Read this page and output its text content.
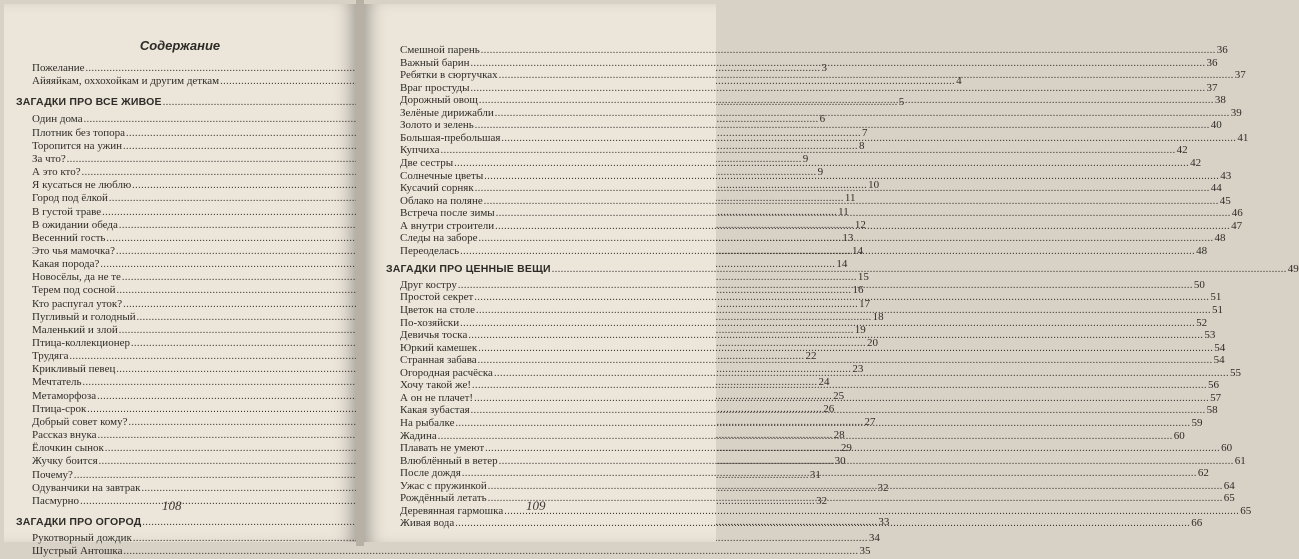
Содержание
108
Пожелание .....	3
Айяяйкам, оххохойкам и другим деткам .....	4
ЗАГАДКИ ПРО ВСЕ ЖИВОЕ .....	5
Один дома .....	6
Плотник без топора .....	7
Торопится на ужин .....	8
За что? .....	9
А это кто? .....	9
Я кусаться не люблю .....	10
Город под ёлкой .....	11
В густой траве .....	11
В ожидании обеда .....	12
Весенний гость .....	13
Это чья мамочка? .....	14
Какая порода? .....	14
Новосёлы, да не те .....	15
Терем под сосной .....	16
Кто распугал уток? .....	17
Пугливый и голодный .....	18
Маленький и злой .....	19
Птица-коллекционер .....	20
Трудяга .....	22
Крикливый певец .....	23
Мечтатель .....	24
Метаморфоза .....	25
Птица-срок .....	26
Добрый совет кому? .....	27
Рассказ внука .....	28
Ёлочкин сынок .....	29
Жучку боится .....	30
Почему? .....	31
Одуванчики на завтрак .....	32
Пасмурно .....	32
ЗАГАДКИ ПРО ОГОРОД .....	33
Рукотворный дождик .....	34
Шустрый Антошка .....	35
109
Смешной парень .....	36
Важный барин .....	36
Ребятки в сюртучках .....	37
Враг простуды .....	37
Дорожный овощ .....	38
Зелёные дирижабли .....	39
Золото и зелень .....	40
Большая-пребольшая .....	41
Купчиха .....	42
Две сестры .....	42
Солнечные цветы .....	43
Кусачий сорняк .....	44
Облако на поляне .....	45
Встреча после зимы .....	46
А внутри строители .....	47
Следы на заборе .....	48
Переоделась .....	48
ЗАГАДКИ ПРО ЦЕННЫЕ ВЕЩИ .....	49
Друг костру .....	50
Простой секрет .....	51
Цветок на столе .....	51
По-хозяйски .....	52
Девичья тоска .....	53
Юркий камешек .....	54
Странная забава .....	54
Огородная расчёска .....	55
Хочу такой же! .....	56
А он не плачет! .....	57
Какая зубастая .....	58
На рыбалке .....	59
Жадина .....	60
Плавать не умеют .....	60
Влюблённый в ветер .....	61
После дождя .....	62
Ужас с пружинкой .....	64
Рождённый летать .....	65
Деревянная гармошка .....	65
Живая вода .....	66
